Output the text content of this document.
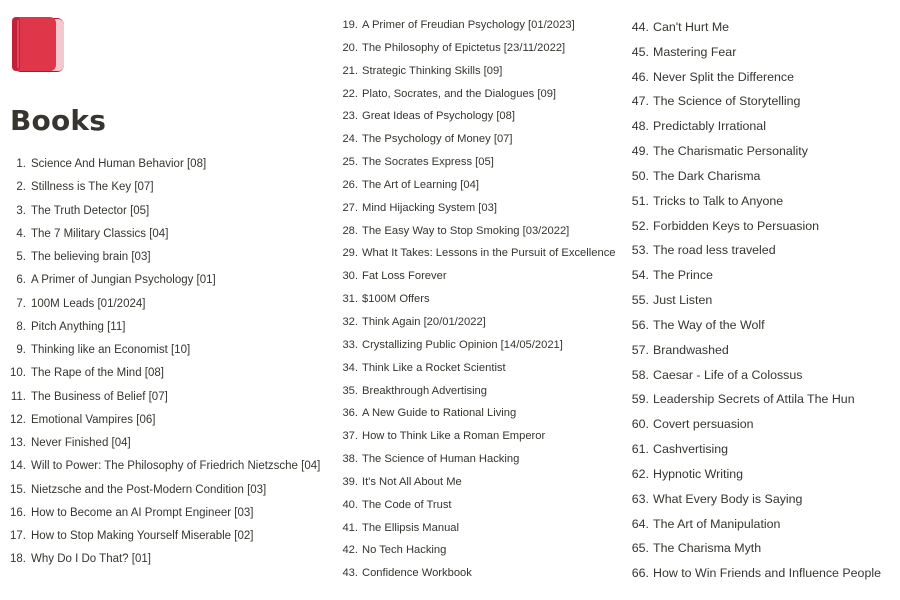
Books
1. Science And Human Behavior [08]
2. Stillness is The Key [07]
3. The Truth Detector [05]
4. The 7 Military Classics [04]
5. The believing brain [03]
6. A Primer of Jungian Psychology [01]
7. 100M Leads [01/2024]
8. Pitch Anything [11]
9. Thinking like an Economist [10]
10. The Rape of the Mind [08]
11. The Business of Belief [07]
12. Emotional Vampires [06]
13. Never Finished [04]
14. Will to Power: The Philosophy of Friedrich Nietzsche [04]
15. Nietzsche and the Post-Modern Condition [03]
16. How to Become an AI Prompt Engineer [03]
17. How to Stop Making Yourself Miserable [02]
18. Why Do I Do That? [01]
19. A Primer of Freudian Psychology [01/2023]
20. The Philosophy of Epictetus [23/11/2022]
21. Strategic Thinking Skills [09]
22. Plato, Socrates, and the Dialogues [09]
23. Great Ideas of Psychology [08]
24. The Psychology of Money [07]
25. The Socrates Express [05]
26. The Art of Learning [04]
27. Mind Hijacking System [03]
28. The Easy Way to Stop Smoking [03/2022]
29. What It Takes: Lessons in the Pursuit of Excellence
30. Fat Loss Forever
31. $100M Offers
32. Think Again [20/01/2022]
33. Crystallizing Public Opinion [14/05/2021]
34. Think Like a Rocket Scientist
35. Breakthrough Advertising
36. A New Guide to Rational Living
37. How to Think Like a Roman Emperor
38. The Science of Human Hacking
39. It's Not All About Me
40. The Code of Trust
41. The Ellipsis Manual
42. No Tech Hacking
43. Confidence Workbook
44. Can't Hurt Me
45. Mastering Fear
46. Never Split the Difference
47. The Science of Storytelling
48. Predictably Irrational
49. The Charismatic Personality
50. The Dark Charisma
51. Tricks to Talk to Anyone
52. Forbidden Keys to Persuasion
53. The road less traveled
54. The Prince
55. Just Listen
56. The Way of the Wolf
57. Brandwashed
58. Caesar - Life of a Colossus
59. Leadership Secrets of Attila The Hun
60. Covert persuasion
61. Cashvertising
62. Hypnotic Writing
63. What Every Body is Saying
64. The Art of Manipulation
65. The Charisma Myth
66. How to Win Friends and Influence People
